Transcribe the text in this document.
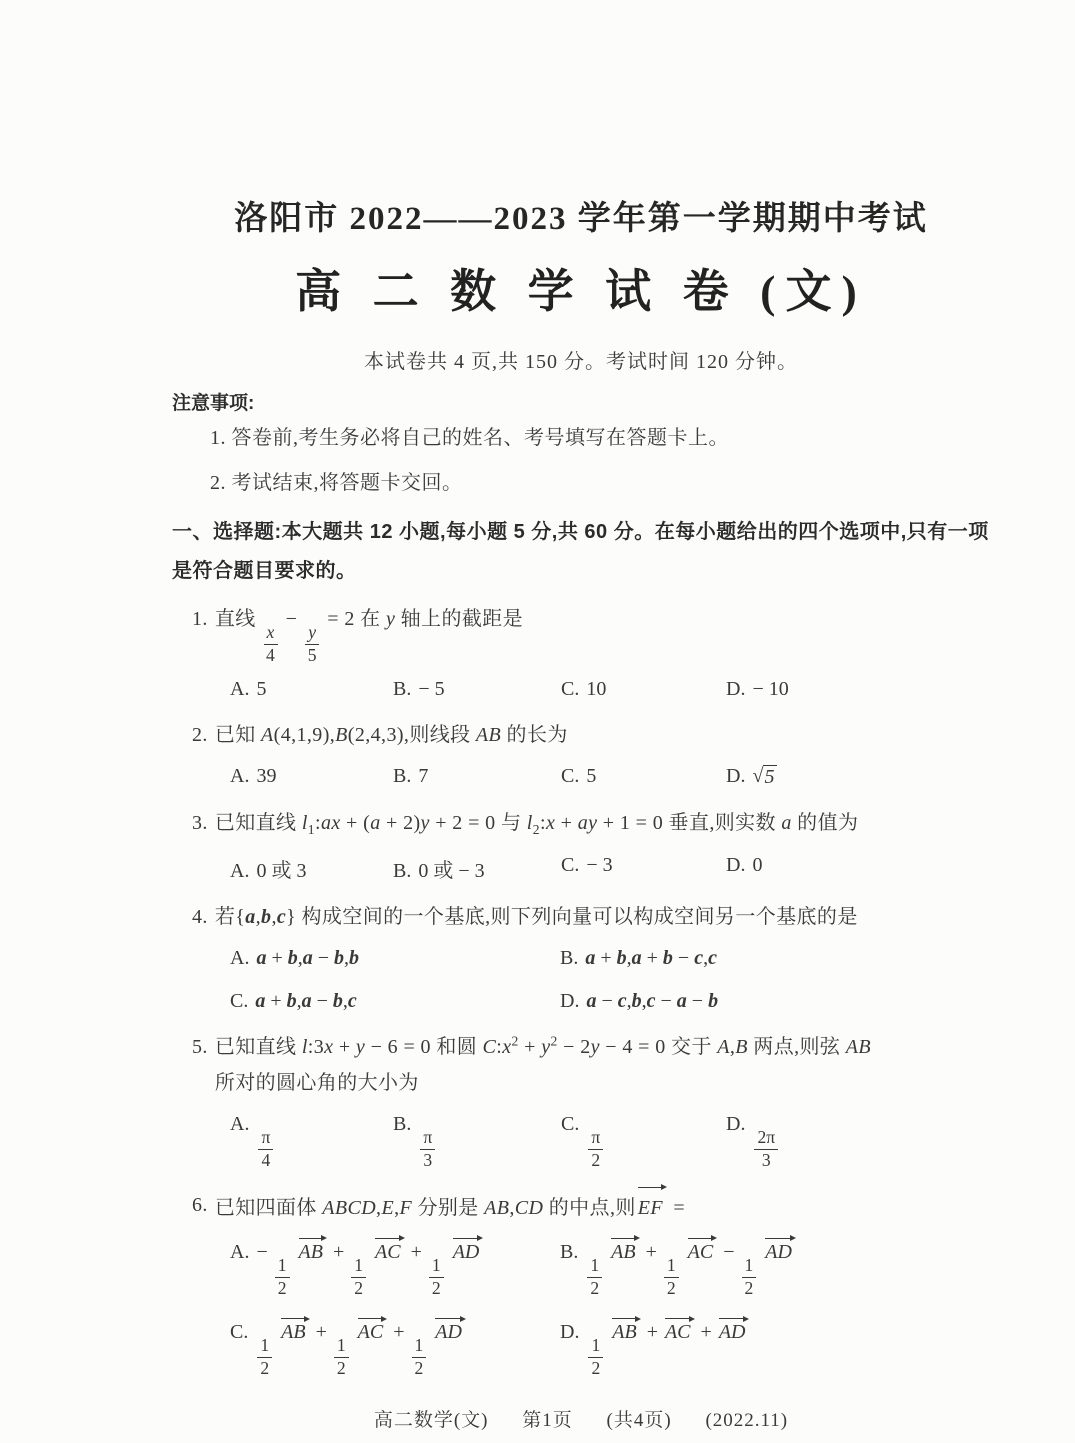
洛阳市 2022——2023 学年第一学期期中考试
高 二 数 学 试 卷 (文)

本试卷共 4 页,共 150 分。考试时间 120 分钟。

注意事项:
1. 答卷前,考生务必将自己的姓名、考号填写在答题卡上。
2. 考试结束,将答题卡交回。
一、选择题:本大题共 12 小题,每小题 5 分,共 60 分。在每小题给出的四个选项中,只有一项是符合题目要求的。
1. 直线
$\frac{x}{4}$
−
$\frac{y}{5}$
= 2 在 y 轴上的截距是
A. 5	B. − 5	C. 10	D. − 10
2. 已知 A(4,1,9),B(2,4,3),则线段 AB 的长为
A. 39	B. 7	C. 5	D. √ 5
3. 已知直线 $l_1:ax + (a + 2)y + 2 = 0$ 与 $l_2:x$ + ay + 1 = 0 垂直,则实数 a 的值为
A. 0 或 3	B. 0 或 − 3	C. − 3	D. 0
4. 若{a,b,c} 构成空间的一个基底,则下列向量可以构成空间另一个基底的是
A. a + b,a − b,b	B. a + b,a + b − c,c
C. a + b,a − b,c	D. a − c,b,c − a − b
5. 已知直线 l:3x + y − 6 = 0 和圆 $C:x^2 + y^2 - 2y - 4 = 0$ 交于 A,B 两点,则弦 AB
所对的圆心角的大小为
A.
$\frac{\pi}{4}$
B.
$\frac{\pi}{3}$
C.
$\frac{\pi}{2}$
D.
$\frac{2\pi}{3}$
6. 已知四面体 ABCD,E,F 分别是 AB,CD 的中点,则 EF =
A. −
$\frac{1}{2}$
AB +
$\frac{1}{2}$
AC +
$\frac{1}{2}$
AD	B.
$\frac{1}{2}$
AB +
$\frac{1}{2}$
AC −
$\frac{1}{2}$
AD
C.
$\frac{1}{2}$
AB +
$\frac{1}{2}$
AC +
$\frac{1}{2}$
AD	D.
$\frac{1}{2}$
AB + AC + AD
高二数学(文) 第1页 (共4页) (2022.11)
